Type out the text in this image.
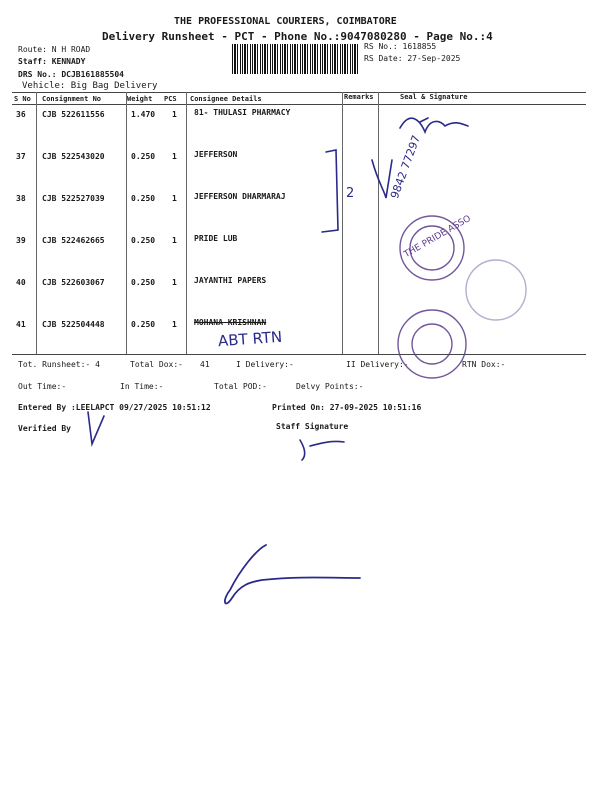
THE PROFESSIONAL COURIERS, COIMBATORE
Delivery Runsheet - PCT - Phone No.:9047080280 - Page No.:4
Route: N H ROAD
Staff: KENNADY
DRS No.: DCJB161885504
Vehicle: Big Bag Delivery
RS No.: 1618855
RS Date: 27-Sep-2025
S No Consignment No	Weight PCS Consignee Details	Remarks	Seal & Signature
36 CJB 522611556	1.470 1 81- THULASI PHARMACY
37 CJB 522543020	0.250 1 JEFFERSON
38 CJB 522527039	0.250 1 JEFFERSON DHARMARAJ
39 CJB 522462665	0.250 1 PRIDE LUB
40 CJB 522603067	0.250 1 JAYANTHI PAPERS
41 CJB 522504448	0.250 1 MOHANA KRISHNAN
Tot. Runsheet:- 4	Total Dox:- 41	I Delivery:-	II Delivery:-	RTN Dox:-
Out Time:-	In Time:-	Total POD:-	Delvy Points:-
Entered By :LEELAPCT 09/27/2025 10:51:12	Printed On: 27-09-2025 10:51:16
Verified By	Staff Signature
ABT RTN
2	9842 77297
THE PRIDE ASSO
